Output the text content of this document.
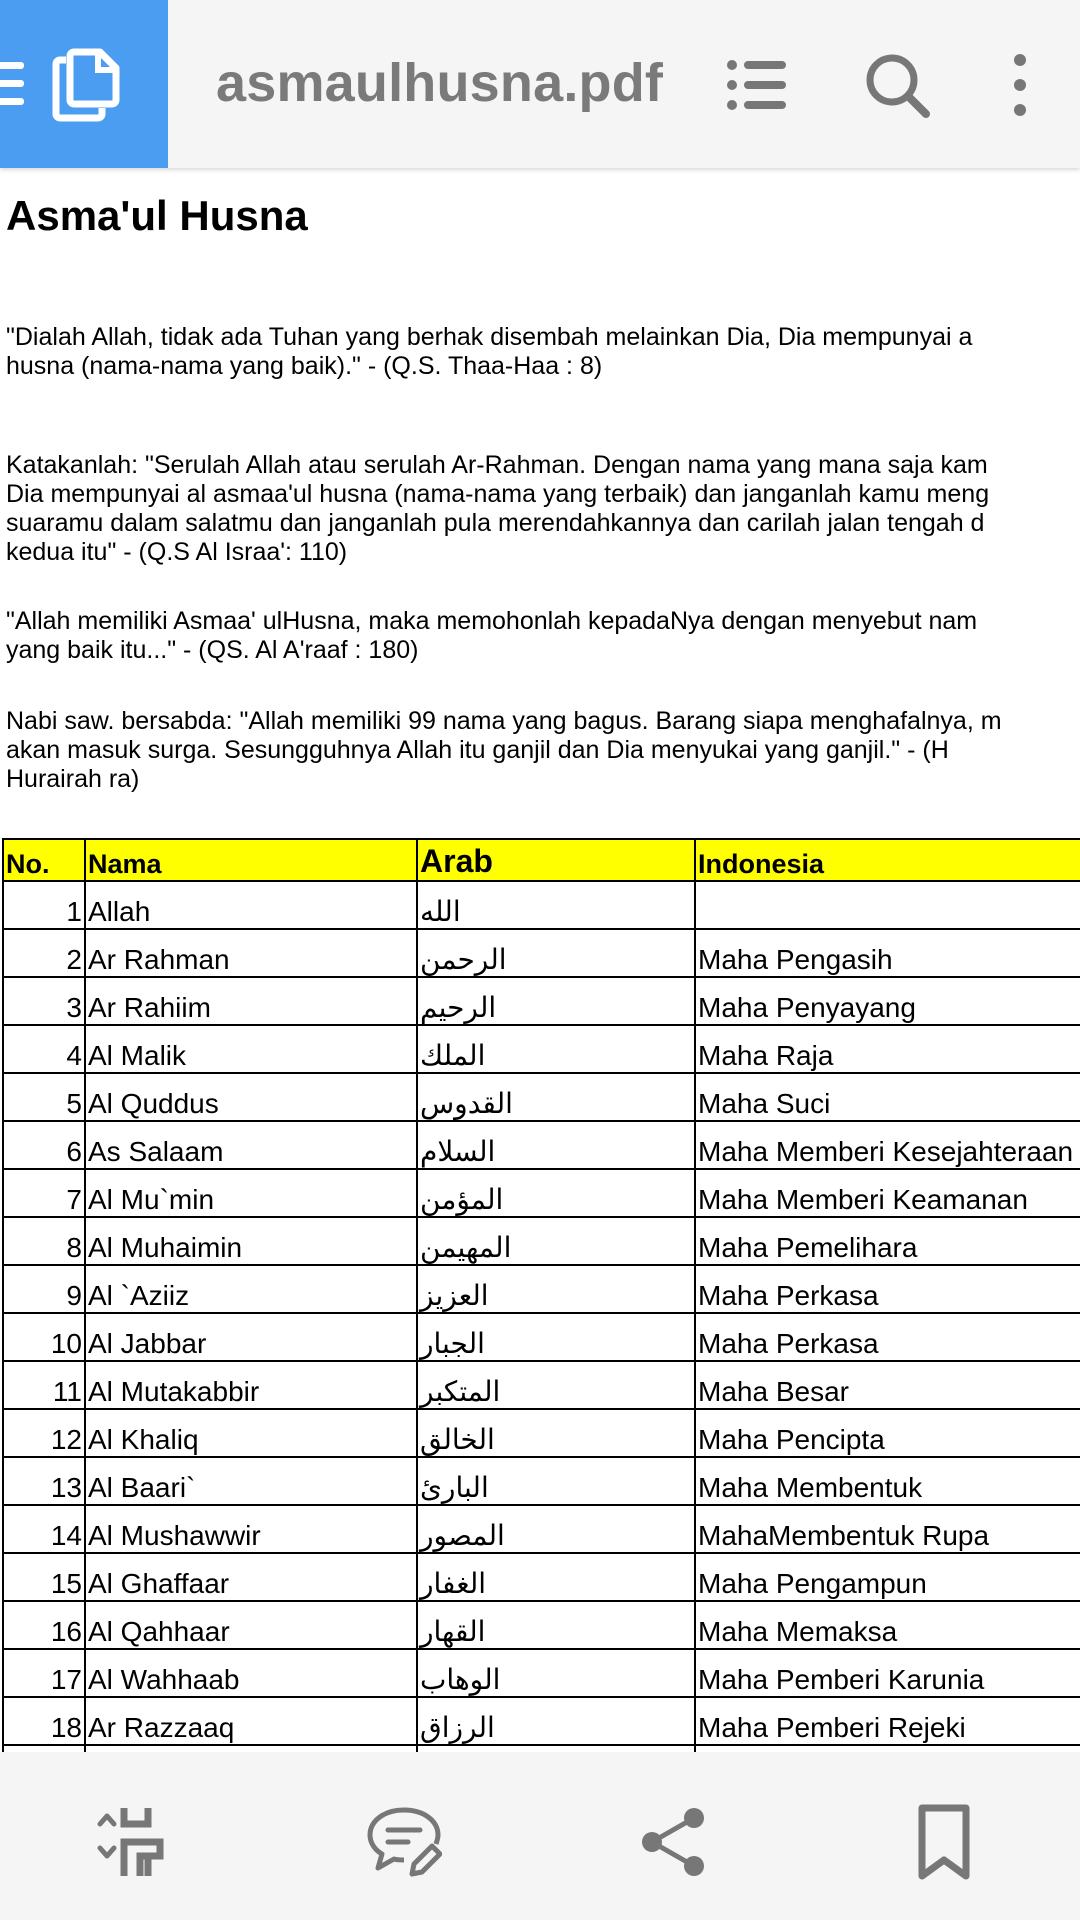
asmaulhusna.pdf
Asma'ul Husna
"Dialah Allah, tidak ada Tuhan yang berhak disembah melainkan Dia, Dia mempunyai a
husna (nama-nama yang baik)." - (Q.S. Thaa-Haa : 8)
Katakanlah: "Serulah Allah atau serulah Ar-Rahman. Dengan nama yang mana saja kam
Dia mempunyai al asmaa'ul husna (nama-nama yang terbaik) dan janganlah kamu meng
suaramu dalam salatmu dan janganlah pula merendahkannya dan carilah jalan tengah d
kedua itu" - (Q.S Al Israa': 110)
"Allah memiliki Asmaa' ulHusna, maka memohonlah kepadaNya dengan menyebut nam
yang baik itu..." - (QS. Al A'raaf : 180)
Nabi saw. bersabda: "Allah memiliki 99 nama yang bagus. Barang siapa menghafalnya, m
akan masuk surga. Sesungguhnya Allah itu ganjil dan Dia menyukai yang ganjil." - (H
Hurairah ra)
No.	Nama	Arab	Indonesia
1	Allah	الله	
2	Ar Rahman	الرحمن	Maha Pengasih
3	Ar Rahiim	الرحيم	Maha Penyayang
4	Al Malik	الملك	Maha Raja
5	Al Quddus	القدوس	Maha Suci
6	As Salaam	السلام	Maha Memberi Kesejahteraan
7	Al Mu`min	المؤمن	Maha Memberi Keamanan
8	Al Muhaimin	المهيمن	Maha Pemelihara
9	Al `Aziiz	العزيز	Maha Perkasa
10	Al Jabbar	الجبار	Maha Perkasa
11	Al Mutakabbir	المتكبر	Maha Besar
12	Al Khaliq	الخالق	Maha Pencipta
13	Al Baari`	البارئ	Maha Membentuk
14	Al Mushawwir	المصور	MahaMembentuk Rupa
15	Al Ghaffaar	الغفار	Maha Pengampun
16	Al Qahhaar	القهار	Maha Memaksa
17	Al Wahhaab	الوهاب	Maha Pemberi Karunia
18	Ar Razzaaq	الرزاق	Maha Pemberi Rejeki
